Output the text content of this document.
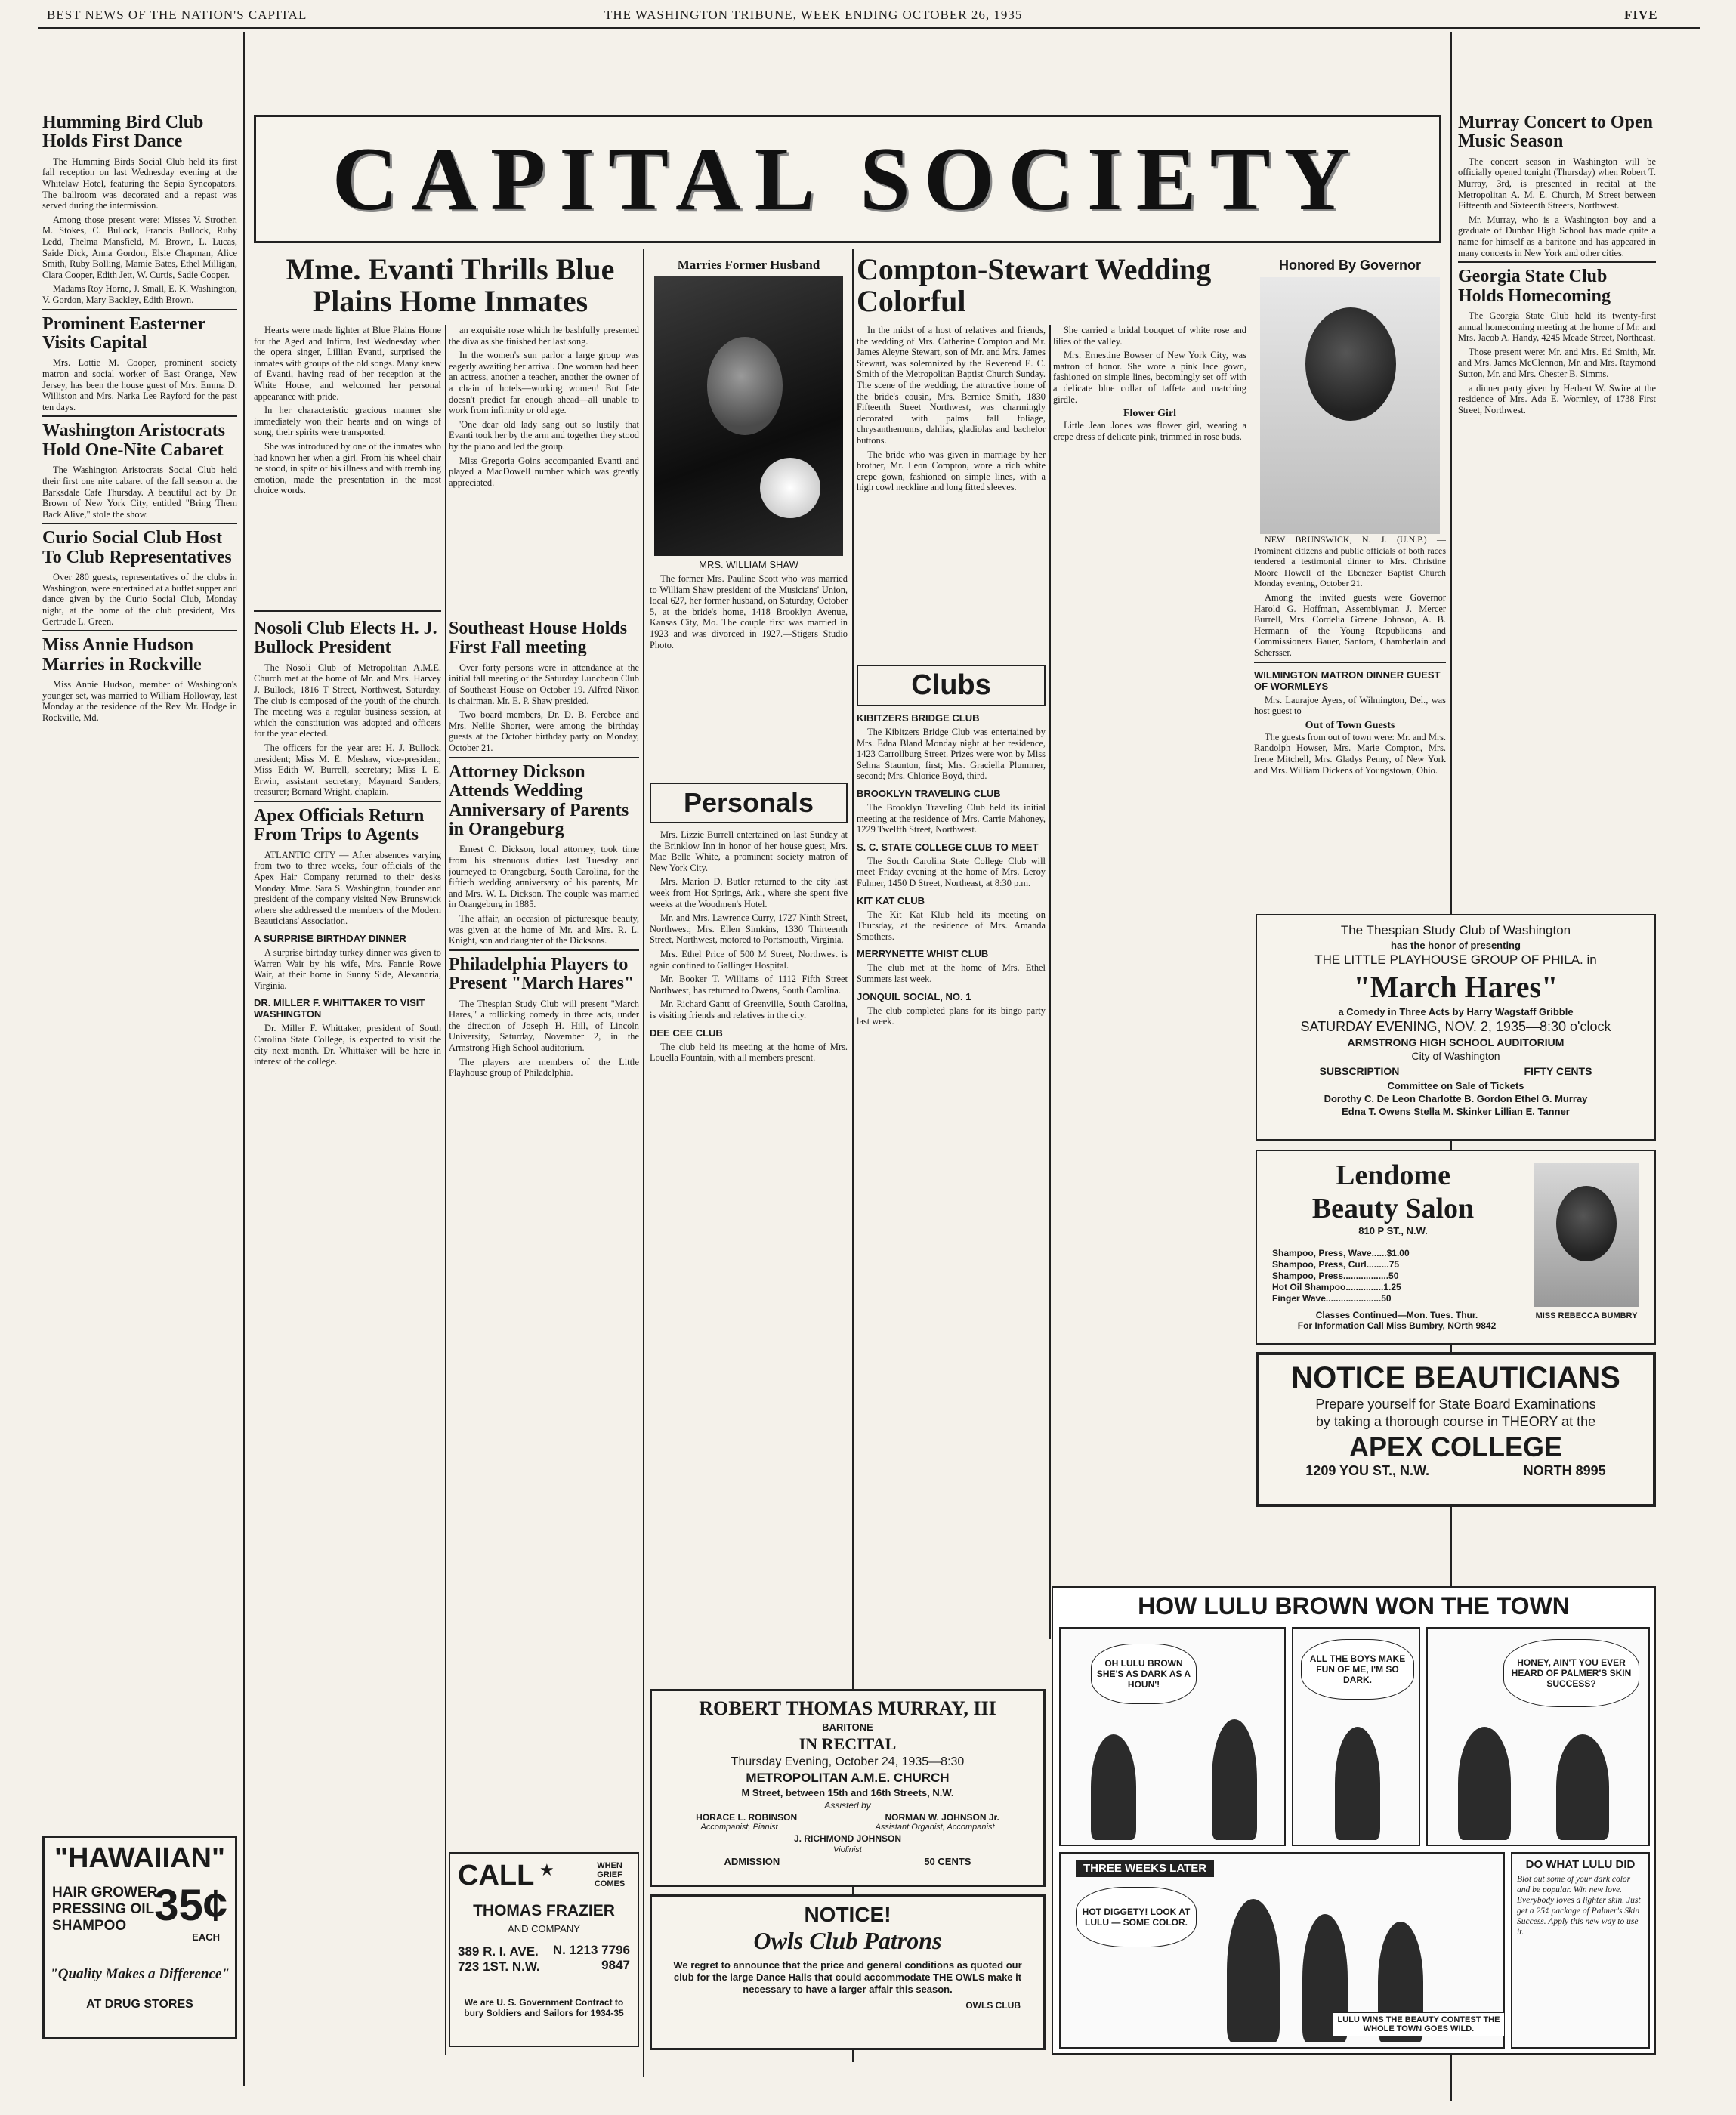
BEST NEWS OF THE NATION'S CAPITAL	THE WASHINGTON TRIBUNE, WEEK ENDING OCTOBER 26, 1935	FIVE
Humming Bird Club Holds First Dance

The Humming Birds Social Club held its first fall reception on last Wednesday evening at the Whitelaw Hotel, featuring the Sepia Syncopators. The ballroom was decorated and a repast was served during the intermission.

Among those present were: Misses V. Strother, M. Stokes, C. Bullock, Francis Bullock, Ruby Ledd, Thelma Mansfield, M. Brown, L. Lucas, Saide Dick, Anna Gordon, Elsie Chapman, Alice Smith, Ruby Bolling, Mamie Bates, Ethel Milligan, Clara Cooper, Edith Jett, W. Curtis, Sadie Cooper.

Madams Roy Horne, J. Small, E. K. Washington, V. Gordon, Mary Backley, Edith Brown.

Prominent Easterner Visits Capital

Mrs. Lottie M. Cooper, prominent society matron and social worker of East Orange, New Jersey, has been the house guest of Mrs. Emma D. Williston and Mrs. Narka Lee Rayford for the past ten days.

Washington Aristocrats Hold One-Nite Cabaret

The Washington Aristocrats Social Club held their first one nite cabaret of the fall season at the Barksdale Cafe Thursday. A beautiful act by Dr. Brown of New York City, entitled "Bring Them Back Alive," stole the show.

Curio Social Club Host To Club Representatives

Over 280 guests, representatives of the clubs in Washington, were entertained at a buffet supper and dance given by the Curio Social Club, Monday night, at the home of the club president, Mrs. Gertrude L. Green.

Miss Annie Hudson Marries in Rockville

Miss Annie Hudson, member of Washington's younger set, was married to William Holloway, last Monday at the residence of the Rev. Mr. Hodge in Rockville, Md.

"HAWAIIAN"
HAIR GROWER
PRESSING OIL
SHAMPOO 35¢
EACH
"Quality Makes a Difference"
AT DRUG STORES
CAPITAL SOCIETY
Mme. Evanti Thrills Blue Plains Home Inmates

Hearts were made lighter at Blue Plains Home for the Aged and Infirm, last Wednesday when the opera singer, Lillian Evanti, surprised the inmates with groups of the old songs. Many knew of Evanti, having read of her reception at the White House, and welcomed her personal appearance with pride.

In her characteristic gracious manner she immediately won their hearts and on wings of song, their spirits were transported.

She was introduced by one of the inmates who had known her when a girl. From his wheel chair he stood, in spite of his illness and with trembling emotion, made the presentation in the most choice words.

an exquisite rose which he bashfully presented the diva as she finished her last song.

In the women's sun parlor a large group was eagerly awaiting her arrival. One woman had been an actress, another a teacher, another the owner of a chain of hotels—working women! But fate doesn't predict far enough ahead—all unable to work from infirmity or old age.

'One dear old lady sang out so lustily that Evanti took her by the arm and together they stood by the piano and led the group.

Miss Gregoria Goins accompanied Evanti and played a MacDowell number which was greatly appreciated.

Nosoli Club Elects H. J. Bullock President

The Nosoli Club of Metropolitan A.M.E. Church met at the home of Mr. and Mrs. Harvey J. Bullock, 1816 T Street, Northwest, Saturday. The club is composed of the youth of the church. The meeting was a regular business session, at which the constitution was adopted and officers for the year elected.

The officers for the year are: H. J. Bullock, president; Miss M. E. Meshaw, vice-president; Miss Edith W. Burrell, secretary; Miss I. E. Erwin, assistant secretary; Maynard Sanders, treasurer; Bernard Wright, chaplain.

Apex Officials Return From Trips to Agents

ATLANTIC CITY — After absences varying from two to three weeks, four officials of the Apex Hair Company returned to their desks Monday. Mme. Sara S. Washington, founder and president of the company visited New Brunswick where she addressed the members of the Modern Beauticians' Association.

A SURPRISE BIRTHDAY DINNER

A surprise birthday turkey dinner was given to Warren Wair by his wife, Mrs. Fannie Rowe Wair, at their home in Sunny Side, Alexandria, Virginia.

DR. MILLER F. WHITTAKER TO VISIT WASHINGTON

Dr. Miller F. Whittaker, president of South Carolina State College, is expected to visit the city next month. Dr. Whittaker will be here in interest of the college.

Southeast House Holds First Fall meeting

Over forty persons were in attendance at the initial fall meeting of the Saturday Luncheon Club of Southeast House on October 19. Alfred Nixon is chairman. Mr. E. P. Shaw presided.

Two board members, Dr. D. B. Ferebee and Mrs. Nellie Shorter, were among the birthday guests at the October birthday party on Monday, October 21.

Attorney Dickson Attends Wedding Anniversary of Parents in Orangeburg

Ernest C. Dickson, local attorney, took time from his strenuous duties last Tuesday and journeyed to Orangeburg, South Carolina, for the fiftieth wedding anniversary of his parents, Mr. and Mrs. W. L. Dickson. The couple was married in Orangeburg in 1885.

The affair, an occasion of picturesque beauty, was given at the home of Mr. and Mrs. R. L. Knight, son and daughter of the Dicksons.

Philadelphia Players to Present "March Hares"

The Thespian Study Club will present "March Hares," a rollicking comedy in three acts, under the direction of Joseph H. Hill, of Lincoln University, Saturday, November 2, in the Armstrong High School auditorium.

The players are members of the Little Playhouse group of Philadelphia.

CALL ★	WHEN GRIEF COMES
THOMAS FRAZIER
AND COMPANY
389 R. I. AVE. 723 1ST. N.W.
N. 1213 7796 9847
We are U. S. Government Contract to bury Soldiers and Sailors for 1934-35
Marries Former Husband
MRS. WILLIAM SHAW

The former Mrs. Pauline Scott who was married to William Shaw president of the Musicians' Union, local 627, her former husband, on Saturday, October 5, at the bride's home, 1418 Brooklyn Avenue, Kansas City, Mo. The couple first was married in 1923 and was divorced in 1927.—Stigers Studio Photo.

Compton-Stewart Wedding Colorful

In the midst of a host of relatives and friends, the wedding of Mrs. Catherine Compton and Mr. James Aleyne Stewart, son of Mr. and Mrs. James Stewart, was solemnized by the Reverend E. C. Smith of the Metropolitan Baptist Church Sunday. The scene of the wedding, the attractive home of the bride's cousin, Mrs. Bernice Smith, 1830 Fifteenth Street Northwest, was charmingly decorated with palms fall foliage, chrysanthemums, dahlias, gladiolas and bachelor buttons.

The bride who was given in marriage by her brother, Mr. Leon Compton, wore a rich white crepe gown, fashioned on simple lines, with a high cowl neckline and long fitted sleeves.

She carried a bridal bouquet of white rose and lilies of the valley.

Mrs. Ernestine Bowser of New York City, was matron of honor. She wore a pink lace gown, fashioned on simple lines, becomingly set off with a delicate blue collar of taffeta and matching girdle.

Flower Girl

Little Jean Jones was flower girl, wearing a crepe dress of delicate pink, trimmed in rose buds.

Personals

Mrs. Lizzie Burrell entertained on last Sunday at the Brinklow Inn in honor of her house guest, Mrs. Mae Belle White, a prominent society matron of New York City.

Mrs. Marion D. Butler returned to the city last week from Hot Springs, Ark., where she spent five weeks at the Woodmen's Hotel.

Mr. and Mrs. Lawrence Curry, 1727 Ninth Street, Northwest; Mrs. Ellen Simkins, 1330 Thirteenth Street, Northwest, motored to Portsmouth, Virginia.

Mrs. Ethel Price of 500 M Street, Northwest is again confined to Gallinger Hospital.

Mr. Booker T. Williams of 1112 Fifth Street Northwest, has returned to Owens, South Carolina.

Mr. Richard Gantt of Greenville, South Carolina, is visiting friends and relatives in the city.

DEE CEE CLUB

The club held its meeting at the home of Mrs. Louella Fountain, with all members present.

Clubs
KIBITZERS BRIDGE CLUB

The Kibitzers Bridge Club was entertained by Mrs. Edna Bland Monday night at her residence, 1423 Carrollburg Street. Prizes were won by Miss Selma Staunton, first; Mrs. Graciella Plummer, second; Mrs. Chlorice Boyd, third.

BROOKLYN TRAVELING CLUB

The Brooklyn Traveling Club held its initial meeting at the residence of Mrs. Carrie Mahoney, 1229 Twelfth Street, Northwest.

S. C. STATE COLLEGE CLUB TO MEET

The South Carolina State College Club will meet Friday evening at the home of Mrs. Leroy Fulmer, 1450 D Street, Northeast, at 8:30 p.m.

KIT KAT CLUB

The Kit Kat Klub held its meeting on Thursday, at the residence of Mrs. Amanda Smothers.

MERRYNETTE WHIST CLUB

The club met at the home of Mrs. Ethel Summers last week.

JONQUIL SOCIAL, NO. 1

The club completed plans for its bingo party last week.

Honored By Governor

NEW BRUNSWICK, N. J. (U.N.P.) — Prominent citizens and public officials of both races tendered a testimonial dinner to Mrs. Christine Moore Howell of the Ebenezer Baptist Church Monday evening, October 21.

Among the invited guests were Governor Harold G. Hoffman, Assemblyman J. Mercer Burrell, Mrs. Cordelia Greene Johnson, A. B. Hermann of the Young Republicans and Commissioners Bauer, Santora, Chamberlain and Schersser.

WILMINGTON MATRON DINNER GUEST OF WORMLEYS

Mrs. Laurajoe Ayers, of Wilmington, Del., was host guest to

Out of Town Guests

The guests from out of town were: Mr. and Mrs. Randolph Howser, Mrs. Marie Compton, Mrs. Irene Mitchell, Mrs. Gladys Penny, of New York and Mrs. William Dickens of Youngstown, Ohio.

Murray Concert to Open Music Season

The concert season in Washington will be officially opened tonight (Thursday) when Robert T. Murray, 3rd, is presented in recital at the Metropolitan A. M. E. Church, M Street between Fifteenth and Sixteenth Streets, Northwest.

Mr. Murray, who is a Washington boy and a graduate of Dunbar High School has made quite a name for himself as a baritone and has appeared in many concerts in New York and other cities.

Georgia State Club Holds Homecoming

The Georgia State Club held its twenty-first annual homecoming meeting at the home of Mr. and Mrs. Jacob A. Handy, 4245 Meade Street, Northeast.

Those present were: Mr. and Mrs. Ed Smith, Mr. and Mrs. James McClennon, Mr. and Mrs. Raymond Sutton, Mr. and Mrs. Chester B. Simms.

a dinner party given by Herbert W. Swire at the residence of Mrs. Ada E. Wormley, of 1738 First Street, Northwest.

The Thespian Study Club of Washington
has the honor of presenting
THE LITTLE PLAYHOUSE GROUP OF PHILA. in
"March Hares"
a Comedy in Three Acts by Harry Wagstaff Gribble
SATURDAY EVENING, NOV. 2, 1935—8:30 o'clock
ARMSTRONG HIGH SCHOOL AUDITORIUM
City of Washington
SUBSCRIPTION	FIFTY CENTS
Committee on Sale of Tickets
Dorothy C. De Leon Charlotte B. Gordon Ethel G. Murray
Edna T. Owens Stella M. Skinker Lillian E. Tanner
Lendome
Beauty Salon
810 P ST., N.W.
Shampoo, Press, Wave......$1.00
Shampoo, Press, Curl.........75
Shampoo, Press..................50
Hot Oil Shampoo...............1.25
Finger Wave......................50
Classes Continued—Mon. Tues. Thur.
For Information Call Miss Bumbry, NOrth 9842
MISS REBECCA BUMBRY
NOTICE BEAUTICIANS
Prepare yourself for State Board Examinations
by taking a thorough course in THEORY at the
APEX COLLEGE
1209 YOU ST., N.W.	NORTH 8995
HOW LULU BROWN WON THE TOWN
OH LULU BROWN SHE'S AS DARK AS A HOUN'!
ALL THE BOYS MAKE FUN OF ME, I'M SO DARK.
HONEY, AIN'T YOU EVER HEARD OF PALMER'S SKIN SUCCESS?
THREE WEEKS LATER
HOT DIGGETY! LOOK AT LULU — SOME COLOR.
LULU WINS THE BEAUTY CONTEST THE WHOLE TOWN GOES WILD.
DO WHAT LULU DID
Blot out some of your dark color and be popular. Win new love. Everybody loves a lighter skin. Just get a 25¢ package of Palmer's Skin Success. Apply this new way to use it.
ROBERT THOMAS MURRAY, III
BARITONE
IN RECITAL
Thursday Evening, October 24, 1935—8:30
METROPOLITAN A.M.E. CHURCH
M Street, between 15th and 16th Streets, N.W.
Assisted by
HORACE L. ROBINSON	NORMAN W. JOHNSON Jr.
Accompanist, Pianist	Assistant Organist, Accompanist
J. RICHMOND JOHNSON
Violinist
ADMISSION	50 CENTS
NOTICE!
Owls Club Patrons
We regret to announce that the price and general conditions as quoted our club for the large Dance Halls that could accommodate THE OWLS make it necessary to have a larger affair this season.
OWLS CLUB
